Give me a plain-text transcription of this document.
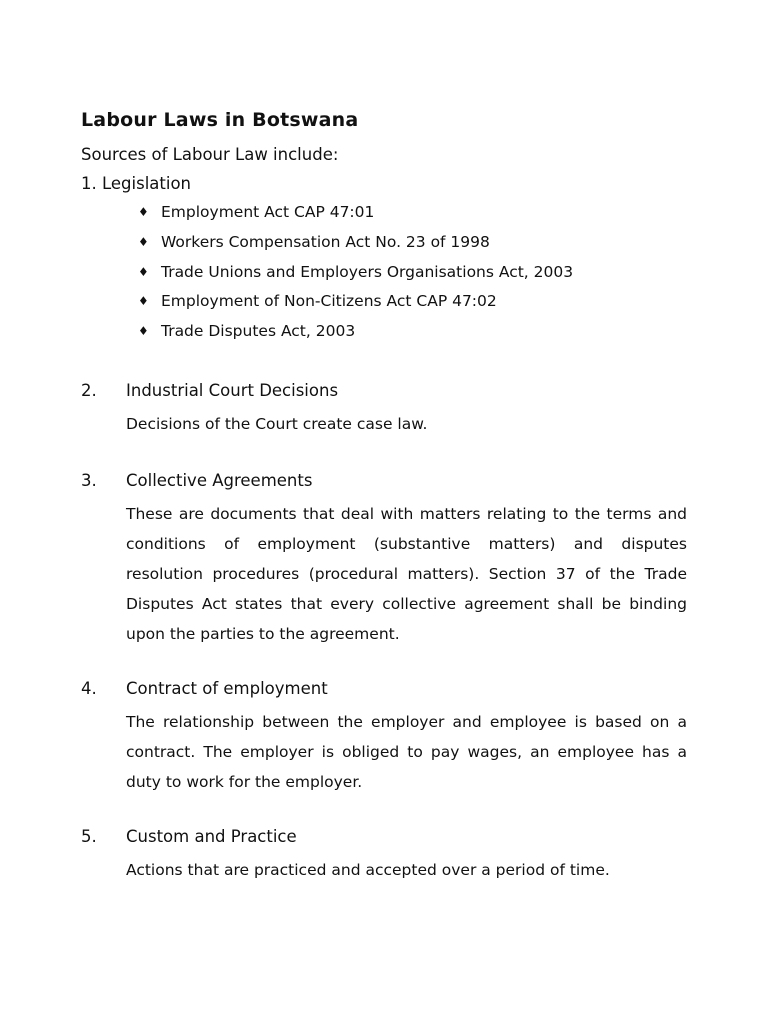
Labour Laws in Botswana
Sources of Labour Law include:
1. Legislation
♦ Employment Act CAP 47:01
♦ Workers Compensation Act No. 23 of 1998
♦ Trade Unions and Employers Organisations Act, 2003
♦ Employment of Non-Citizens Act CAP 47:02
♦ Trade Disputes Act, 2003
2.	Industrial Court Decisions
Decisions of the Court create case law.
3.	Collective Agreements
These are documents that deal with matters relating to the terms and conditions of employment (substantive matters) and disputes resolution procedures (procedural matters). Section 37 of the Trade Disputes Act states that every collective agreement shall be binding upon the parties to the agreement.
4.	Contract of employment
The relationship between the employer and employee is based on a contract. The employer is obliged to pay wages, an employee has a duty to work for the employer.
5.	Custom and Practice
Actions that are practiced and accepted over a period of time.
